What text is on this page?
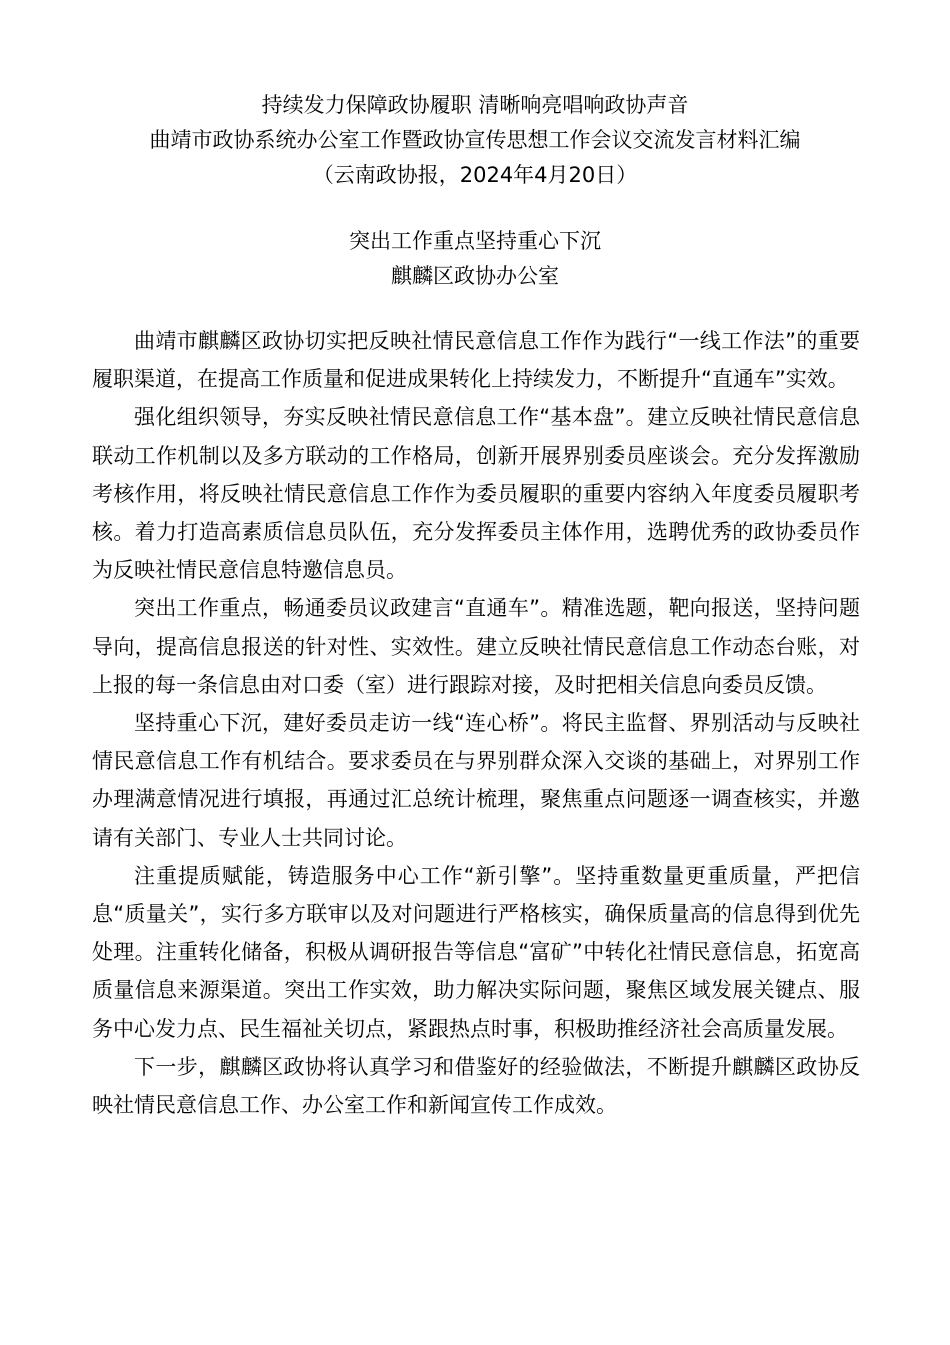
持续发力保障政协履职 清晰响亮唱响政协声音
曲靖市政协系统办公室工作暨政协宣传思想工作会议交流发言材料汇编
（云南政协报，2024年4月20日）
突出工作重点坚持重心下沉
麒麟区政协办公室

曲靖市麒麟区政协切实把反映社情民意信息工作作为践行“一线工作法”的重要履职渠道，在提高工作质量和促进成果转化上持续发力，不断提升“直通车”实效。

强化组织领导，夯实反映社情民意信息工作“基本盘”。建立反映社情民意信息联动工作机制以及多方联动的工作格局，创新开展界别委员座谈会。充分发挥激励考核作用，将反映社情民意信息工作作为委员履职的重要内容纳入年度委员履职考核。着力打造高素质信息员队伍，充分发挥委员主体作用，选聘优秀的政协委员作为反映社情民意信息特邀信息员。

突出工作重点，畅通委员议政建言“直通车”。精准选题，靶向报送，坚持问题导向，提高信息报送的针对性、实效性。建立反映社情民意信息工作动态台账，对上报的每一条信息由对口委（室）进行跟踪对接，及时把相关信息向委员反馈。

坚持重心下沉，建好委员走访一线“连心桥”。将民主监督、界别活动与反映社情民意信息工作有机结合。要求委员在与界别群众深入交谈的基础上，对界别工作办理满意情况进行填报，再通过汇总统计梳理，聚焦重点问题逐一调查核实，并邀请有关部门、专业人士共同讨论。

注重提质赋能，铸造服务中心工作“新引擎”。坚持重数量更重质量，严把信息“质量关”，实行多方联审以及对问题进行严格核实，确保质量高的信息得到优先处理。注重转化储备，积极从调研报告等信息“富矿”中转化社情民意信息，拓宽高质量信息来源渠道。突出工作实效，助力解决实际问题，聚焦区域发展关键点、服务中心发力点、民生福祉关切点，紧跟热点时事，积极助推经济社会高质量发展。

下一步，麒麟区政协将认真学习和借鉴好的经验做法，不断提升麒麟区政协反映社情民意信息工作、办公室工作和新闻宣传工作成效。
